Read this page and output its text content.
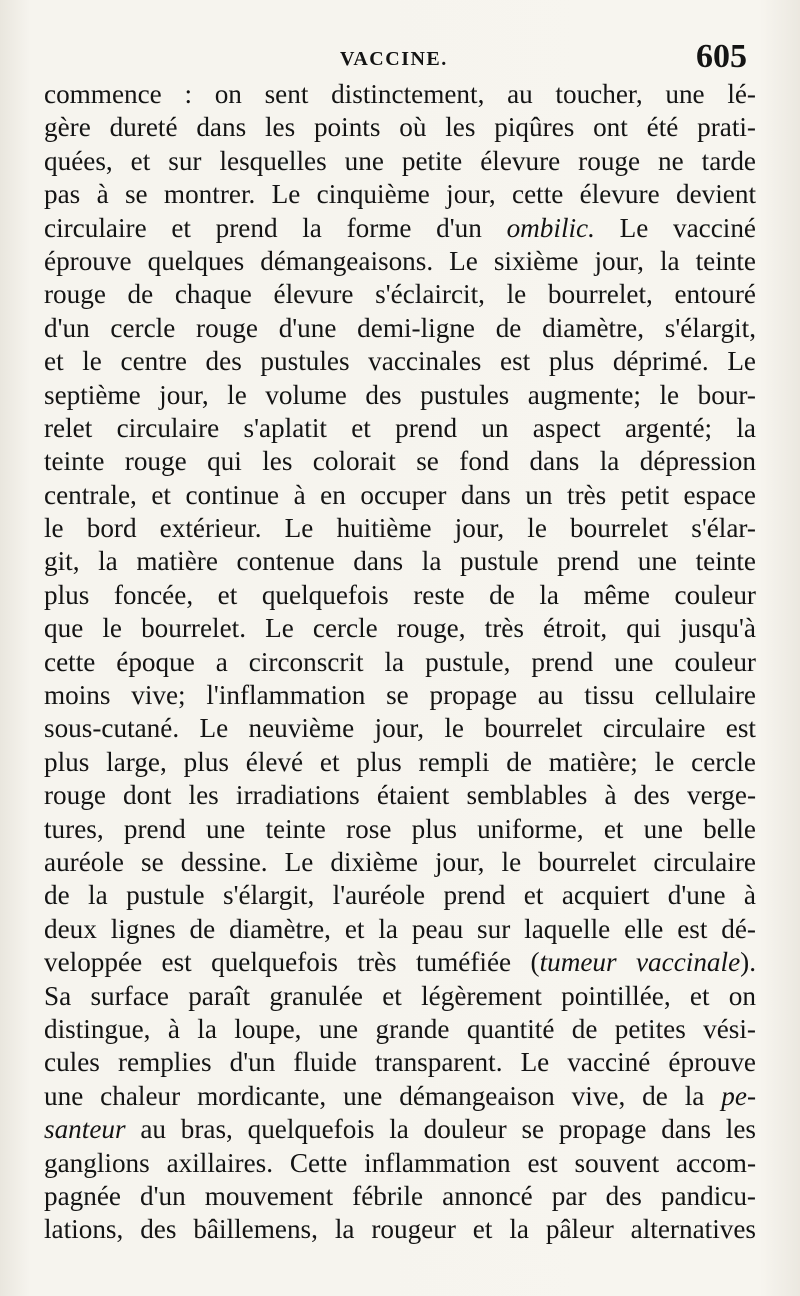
VACCINE.	605
commence : on sent distinctement, au toucher, une lé-
gère dureté dans les points où les piqûres ont été prati-
quées, et sur lesquelles une petite élevure rouge ne tarde
pas à se montrer. Le cinquième jour, cette élevure devient
circulaire et prend la forme d'un ombilic. Le vacciné
éprouve quelques démangeaisons. Le sixième jour, la teinte
rouge de chaque élevure s'éclaircit, le bourrelet, entouré
d'un cercle rouge d'une demi-ligne de diamètre, s'élargit,
et le centre des pustules vaccinales est plus déprimé. Le
septième jour, le volume des pustules augmente; le bour-
relet circulaire s'aplatit et prend un aspect argenté; la
teinte rouge qui les colorait se fond dans la dépression
centrale, et continue à en occuper dans un très petit espace
le bord extérieur. Le huitième jour, le bourrelet s'élar-
git, la matière contenue dans la pustule prend une teinte
plus foncée, et quelquefois reste de la même couleur
que le bourrelet. Le cercle rouge, très étroit, qui jusqu'à
cette époque a circonscrit la pustule, prend une couleur
moins vive; l'inflammation se propage au tissu cellulaire
sous-cutané. Le neuvième jour, le bourrelet circulaire est
plus large, plus élevé et plus rempli de matière; le cercle
rouge dont les irradiations étaient semblables à des verge-
tures, prend une teinte rose plus uniforme, et une belle
auréole se dessine. Le dixième jour, le bourrelet circulaire
de la pustule s'élargit, l'auréole prend et acquiert d'une à
deux lignes de diamètre, et la peau sur laquelle elle est dé-
veloppée est quelquefois très tuméfiée (tumeur vaccinale).
Sa surface paraît granulée et légèrement pointillée, et on
distingue, à la loupe, une grande quantité de petites vési-
cules remplies d'un fluide transparent. Le vacciné éprouve
une chaleur mordicante, une démangeaison vive, de la pe-
santeur au bras, quelquefois la douleur se propage dans les
ganglions axillaires. Cette inflammation est souvent accom-
pagnée d'un mouvement fébrile annoncé par des pandicu-
lations, des bâillemens, la rougeur et la pâleur alternatives
